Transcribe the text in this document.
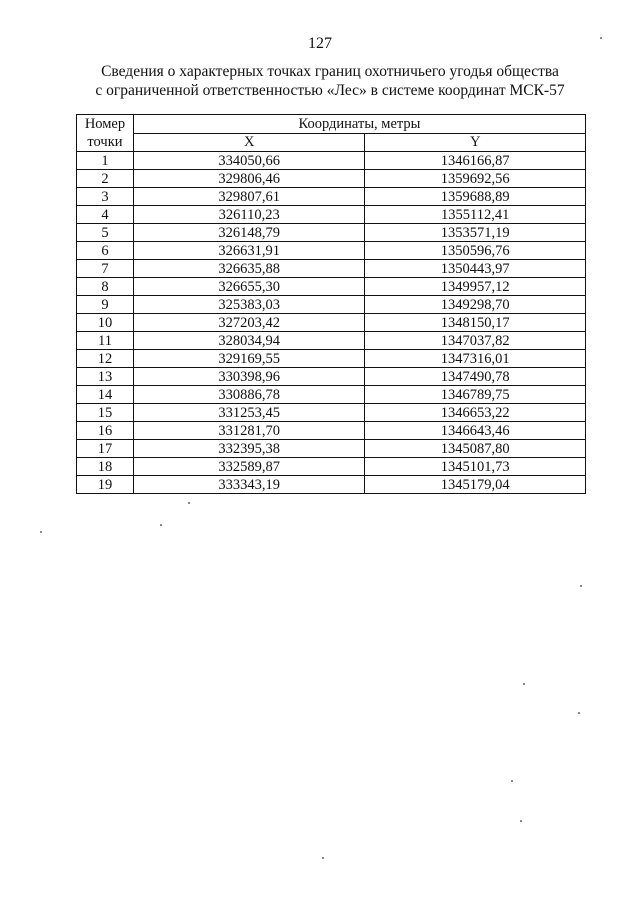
127
Сведения о характерных точках границ охотничьего угодья общества
с ограниченной ответственностью «Лес» в системе координат МСК-57
Номер
точки	Координаты, метры	
	X	Y
1	334050,66	1346166,87
2	329806,46	1359692,56
3	329807,61	1359688,89
4	326110,23	1355112,41
5	326148,79	1353571,19
6	326631,91	1350596,76
7	326635,88	1350443,97
8	326655,30	1349957,12
9	325383,03	1349298,70
10	327203,42	1348150,17
11	328034,94	1347037,82
12	329169,55	1347316,01
13	330398,96	1347490,78
14	330886,78	1346789,75
15	331253,45	1346653,22
16	331281,70	1346643,46
17	332395,38	1345087,80
18	332589,87	1345101,73
19	333343,19	1345179,04
